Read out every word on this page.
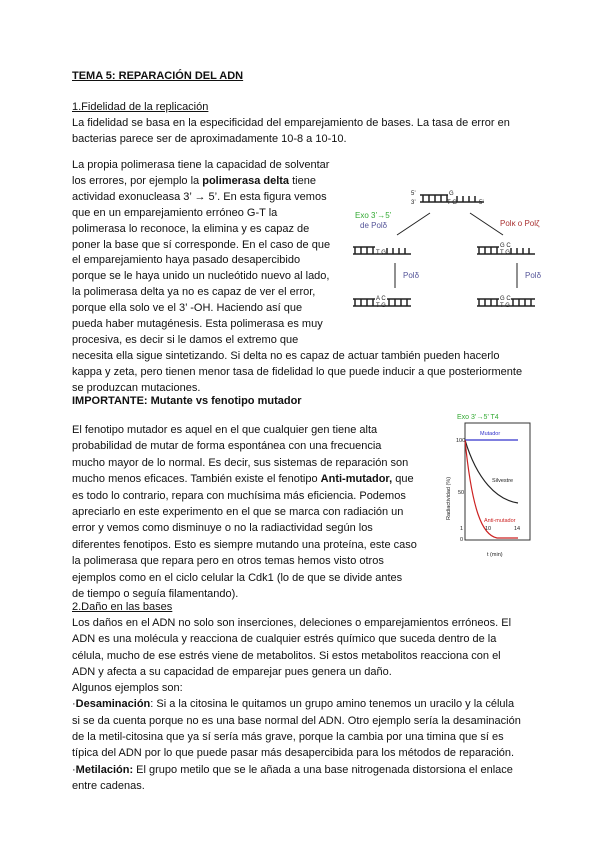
TEMA 5: REPARACIÓN DEL ADN
1.Fidelidad de la replicación
La fidelidad se basa en la especificidad del emparejamiento de bases. La tasa de error en
bacterias parece ser de aproximadamente 10-8 a 10-10.
La propia polimerasa tiene la capacidad de solventar
los errores, por ejemplo la polimerasa delta tiene
actividad exonucleasa 3’ → 5’. En esta figura vemos
que en un emparejamiento erróneo G-T la
polimerasa lo reconoce, la elimina y es capaz de
poner la base que sí corresponde. En el caso de que
el emparejamiento haya pasado desapercibido
porque se le haya unido un nucleótido nuevo al lado,
la polimerasa delta ya no es capaz de ver el error,
porque ella solo ve el 3’ -OH. Haciendo así que
pueda haber mutagénesis. Esta polimerasa es muy
procesiva, es decir si le damos el extremo que
necesita ella sigue sintetizando. Si delta no es capaz de actuar también pueden hacerlo
kappa y zeta, pero tienen menor tasa de fidelidad lo que puede inducir a que posteriormente
se produzcan mutaciones.
5’	G
3’	T G	5’
T G
G C
T G
A C
T G
G C
T G
Exo 3’→5’
de Polδ	Polκ o Polζ
Polδ	Polδ
IMPORTANTE: Mutante vs fenotipo mutador
El fenotipo mutador es aquel en el que cualquier gen tiene alta
probabilidad de mutar de forma espontánea con una frecuencia
mucho mayor de lo normal. Es decir, sus sistemas de reparación son
mucho menos eficaces. También existe el fenotipo Anti-mutador, que
es todo lo contrario, repara con muchísima más eficiencia. Podemos
apreciarlo en este experimento en el que se marca con radiación un
error y vemos como disminuye o no la radiactividad según los
diferentes fenotipos. Esto es siempre mutando una proteína, este caso
la polimerasa que repara pero en otros temas hemos visto otros
ejemplos como en el ciclo celular la Cdk1 (lo de que se divide antes
de tiempo o seguía filamentando).
Exo 3’→5’ T4
Mutador
Silvestre
Anti-mutador
100
50
1
0
10	14
t (min)
Radiactividad (%)
2.Daño en las bases
Los daños en el ADN no solo son inserciones, deleciones o emparejamientos erróneos. El
ADN es una molécula y reacciona de cualquier estrés químico que suceda dentro de la
célula, mucho de ese estrés viene de metabolitos. Si estos metabolitos reacciona con el
ADN y afecta a su capacidad de emparejar pues genera un daño.
Algunos ejemplos son:
·Desaminación: Si a la citosina le quitamos un grupo amino tenemos un uracilo y la célula
si se da cuenta porque no es una base normal del ADN. Otro ejemplo sería la desaminación
de la metil-citosina que ya sí sería más grave, porque la cambia por una timina que sí es
típica del ADN por lo que puede pasar más desapercibida para los métodos de reparación.
·Metilación: El grupo metilo que se le añada a una base nitrogenada distorsiona el enlace
entre cadenas.
